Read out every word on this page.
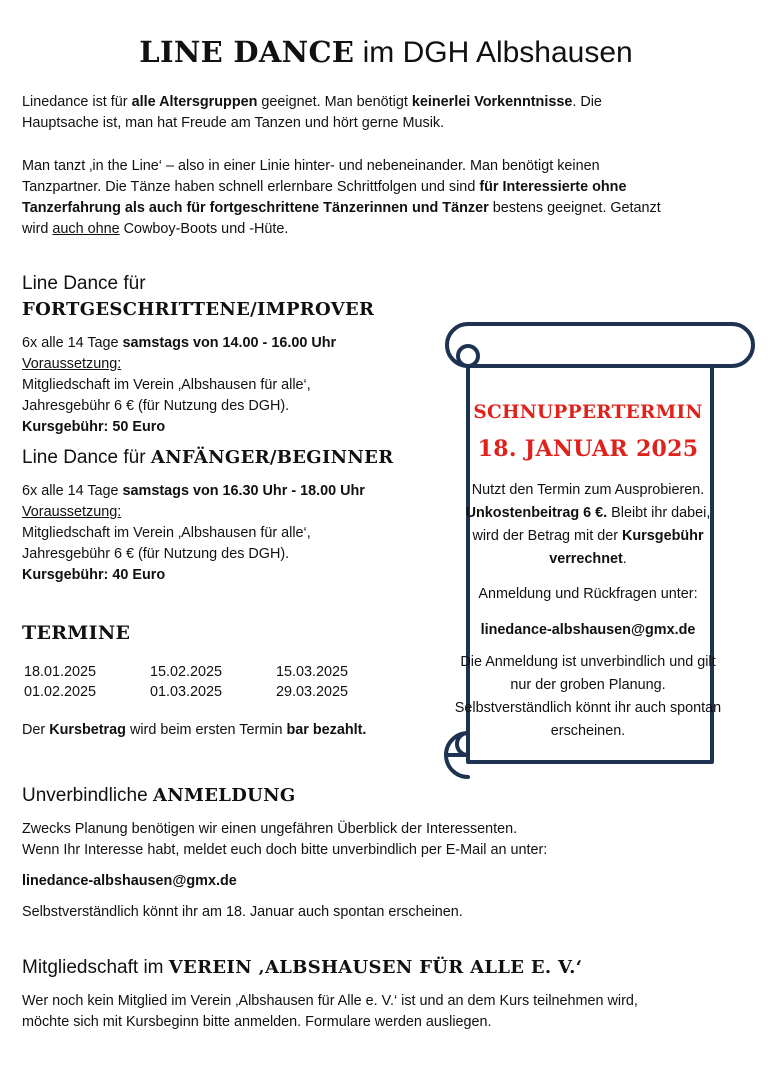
LINE DANCE im DGH Albshausen

Linedance ist für alle Altersgruppen geeignet. Man benötigt keinerlei Vorkenntnisse. Die Hauptsache ist, man hat Freude am Tanzen und hört gerne Musik.

Man tanzt ‚in the Line‘ – also in einer Linie hinter- und nebeneinander. Man benötigt keinen Tanzpartner. Die Tänze haben schnell erlernbare Schrittfolgen und sind für Interessierte ohne Tanzerfahrung als auch für fortgeschrittene Tänzerinnen und Tänzer bestens geeignet. Getanzt wird auch ohne Cowboy-Boots und -Hüte.

Line Dance für FORTGESCHRITTENE/IMPROVER

6x alle 14 Tage samstags von 14.00 - 16.00 Uhr

Voraussetzung:

Mitgliedschaft im Verein ‚Albshausen für alle‘,

Jahresgebühr 6 € (für Nutzung des DGH).

Kursgebühr: 50 Euro

Line Dance für ANFÄNGER/BEGINNER

6x alle 14 Tage samstags von 16.30 Uhr - 18.00 Uhr

Voraussetzung:

Mitgliedschaft im Verein ‚Albshausen für alle‘,

Jahresgebühr 6 € (für Nutzung des DGH).

Kursgebühr: 40 Euro

TERMINE
18.01.2025	15.02.2025	15.03.2025
01.02.2025	01.03.2025	29.03.2025

Der Kursbetrag wird beim ersten Termin bar bezahlt.

Unverbindliche ANMELDUNG

Zwecks Planung benötigen wir einen ungefähren Überblick der Interessenten.

Wenn Ihr Interesse habt, meldet euch doch bitte unverbindlich per E-Mail an unter:

linedance-albshausen@gmx.de

Selbstverständlich könnt ihr am 18. Januar auch spontan erscheinen.

Mitgliedschaft im VEREIN ‚ALBSHAUSEN FÜR ALLE E. V.‘

Wer noch kein Mitglied im Verein ‚Albshausen für Alle e. V.‘ ist und an dem Kurs teilnehmen wird, möchte sich mit Kursbeginn bitte anmelden. Formulare werden ausliegen.

SCHNUPPERTERMIN
18. JANUAR 2025

Nutzt den Termin zum Ausprobieren. Unkostenbeitrag 6 €. Bleibt ihr dabei, wird der Betrag mit der Kursgebühr verrechnet.

Anmeldung und Rückfragen unter:

linedance-albshausen@gmx.de

Die Anmeldung ist unverbindlich und gilt nur der groben Planung. Selbstverständlich könnt ihr auch spontan erscheinen.
